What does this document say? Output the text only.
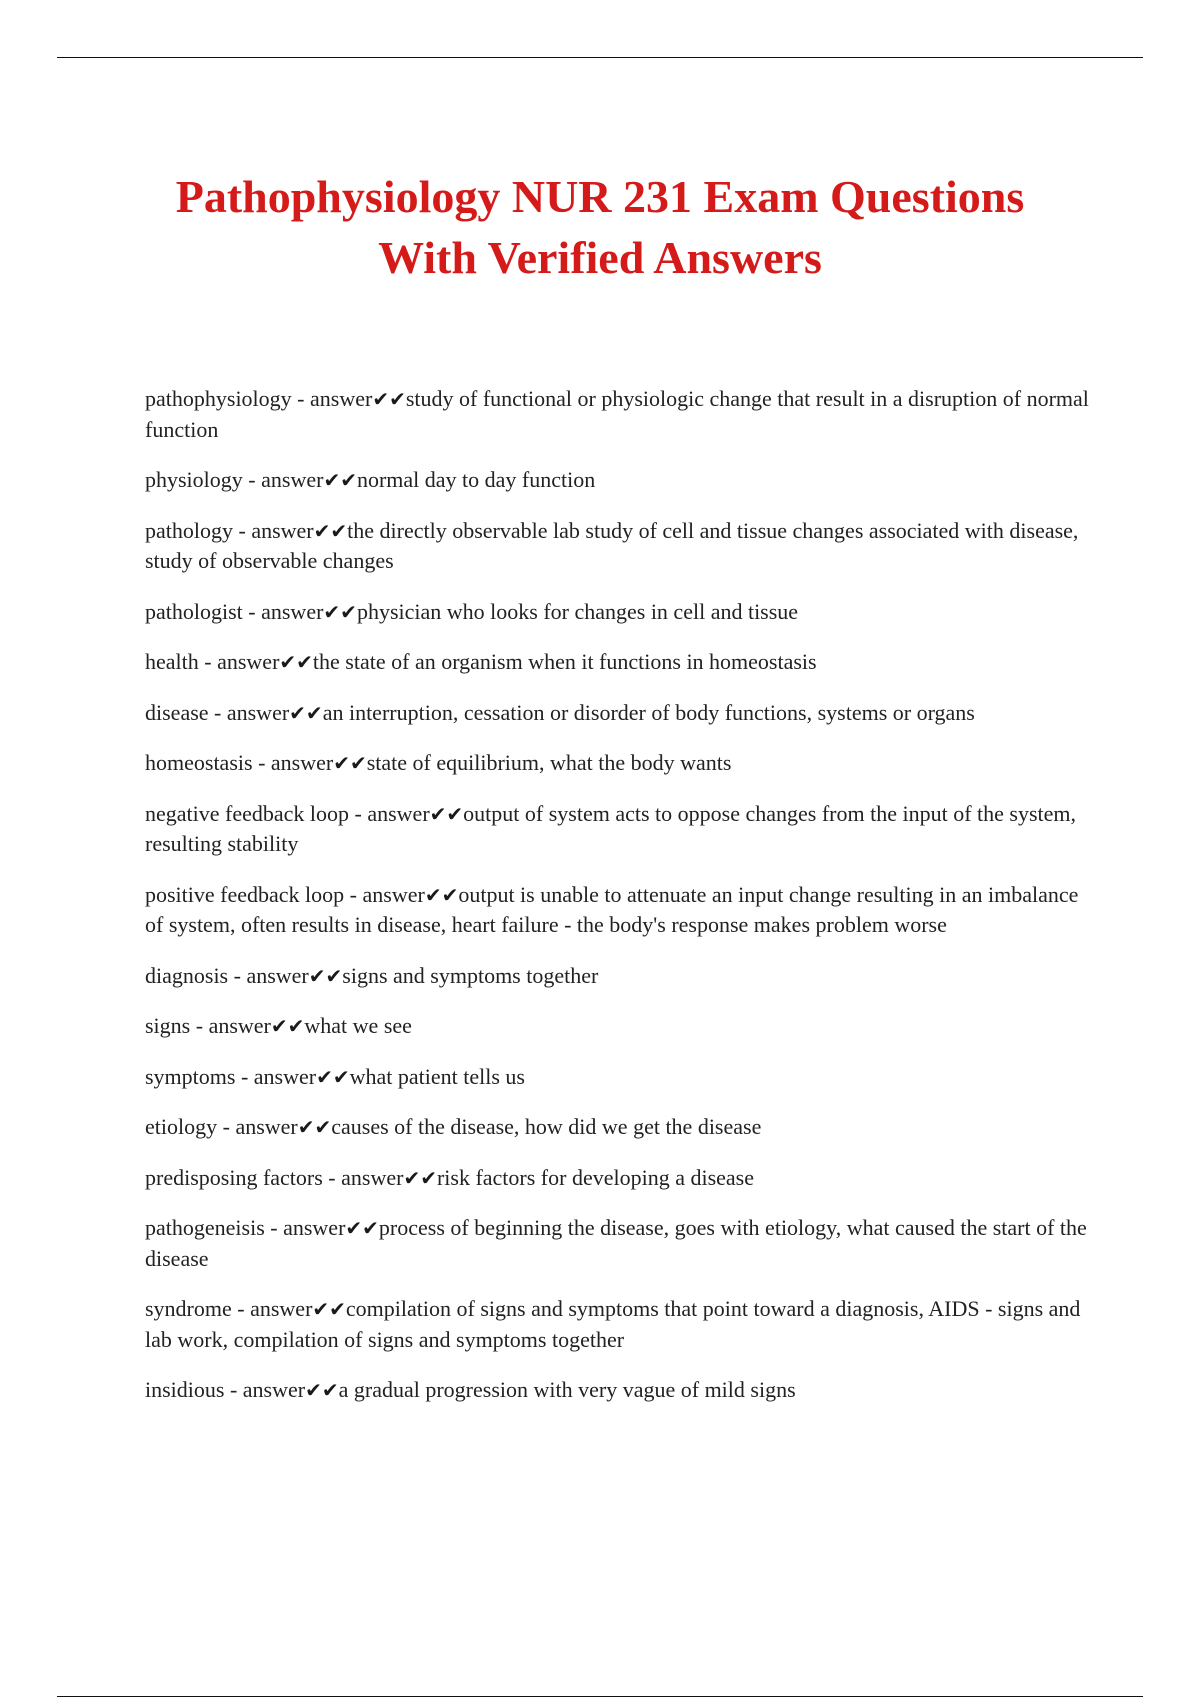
Pathophysiology NUR 231 Exam Questions
With Verified Answers

pathophysiology - answer✔✔study of functional or physiologic change that result in a disruption of normal function

physiology - answer✔✔normal day to day function

pathology - answer✔✔the directly observable lab study of cell and tissue changes associated with disease, study of observable changes

pathologist - answer✔✔physician who looks for changes in cell and tissue

health - answer✔✔the state of an organism when it functions in homeostasis

disease - answer✔✔an interruption, cessation or disorder of body functions, systems or organs

homeostasis - answer✔✔state of equilibrium, what the body wants

negative feedback loop - answer✔✔output of system acts to oppose changes from the input of the system, resulting stability

positive feedback loop - answer✔✔output is unable to attenuate an input change resulting in an imbalance of system, often results in disease, heart failure - the body's response makes problem worse

diagnosis - answer✔✔signs and symptoms together

signs - answer✔✔what we see

symptoms - answer✔✔what patient tells us

etiology - answer✔✔causes of the disease, how did we get the disease

predisposing factors - answer✔✔risk factors for developing a disease

pathogeneisis - answer✔✔process of beginning the disease, goes with etiology, what caused the start of the disease

syndrome - answer✔✔compilation of signs and symptoms that point toward a diagnosis, AIDS - signs and lab work, compilation of signs and symptoms together

insidious - answer✔✔a gradual progression with very vague of mild signs
